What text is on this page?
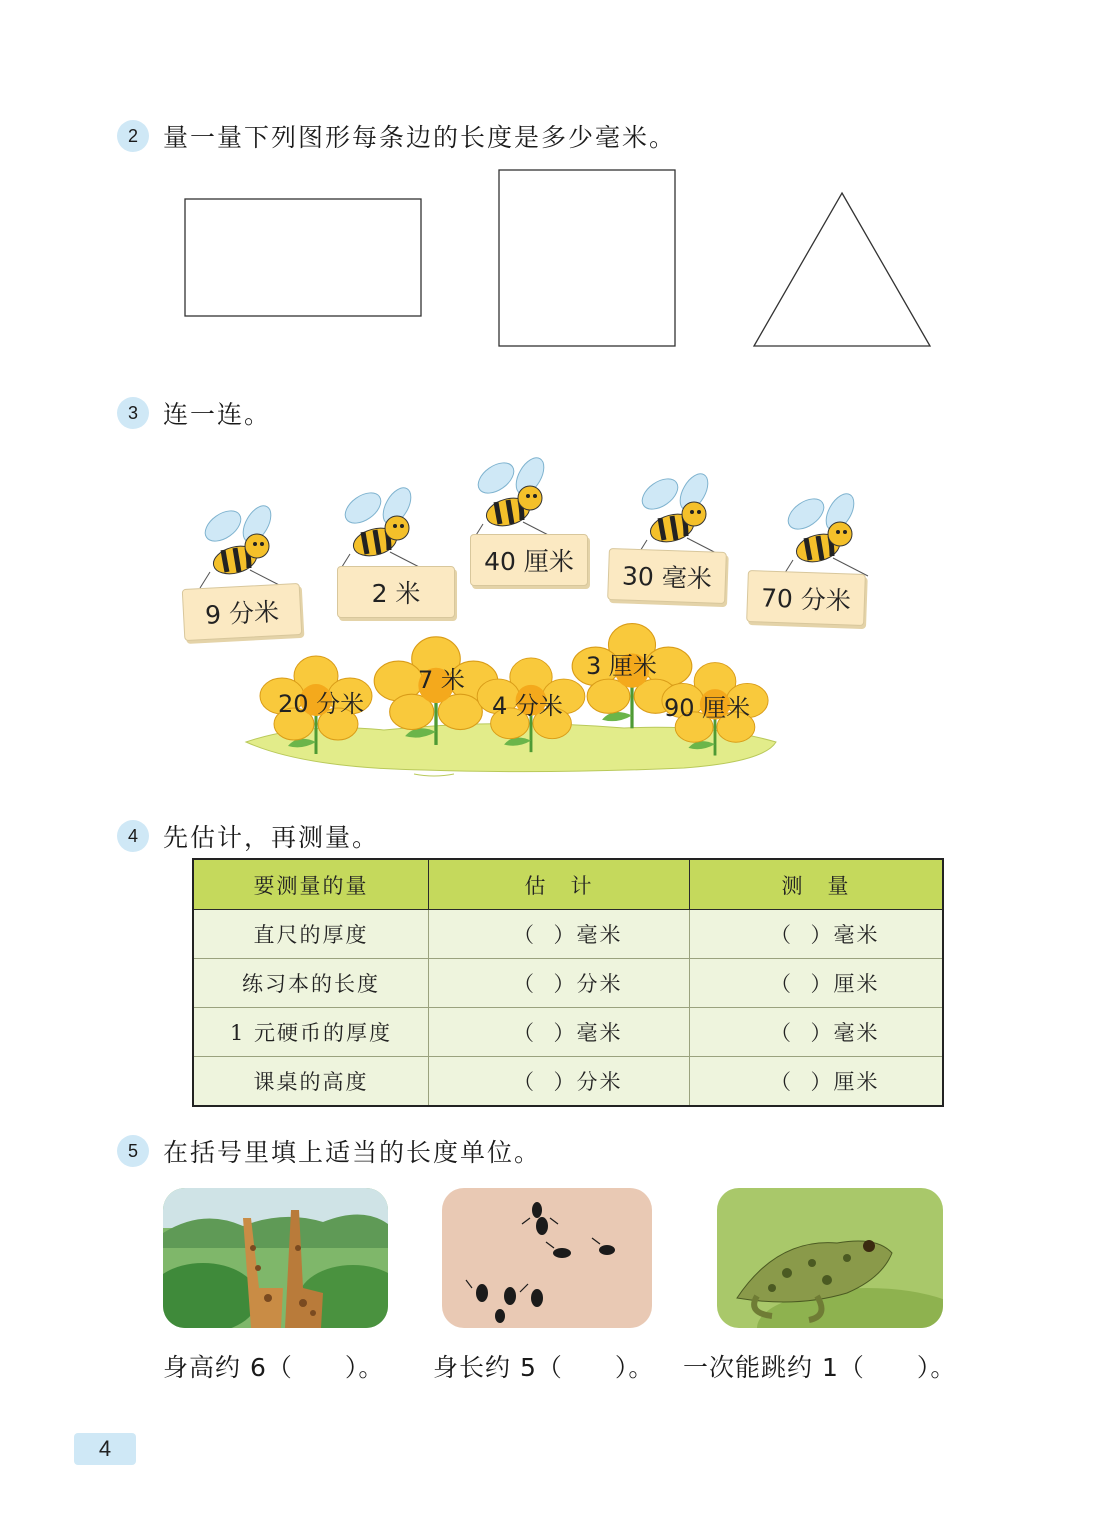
2	量一量下列图形每条边的长度是多少毫米。
3	连一连。
9 分米
2 米
40 厘米	30 毫米
70 分米
20 分米
7 米
4 分米
3 厘米
90 厘米
4	先估计，再测量。
要测量的量	估　计	测　量
直尺的厚度	（ ）毫米	（ ）毫米
练习本的长度	（ ）分米	（ ）厘米
1 元硬币的厚度	（ ）毫米	（ ）毫米
课桌的高度	（ ）分米	（ ）厘米
5	在括号里填上适当的长度单位。
身高约 6（　　）。 身长约 5（　　）。 一次能跳约 1（　　）。
4
